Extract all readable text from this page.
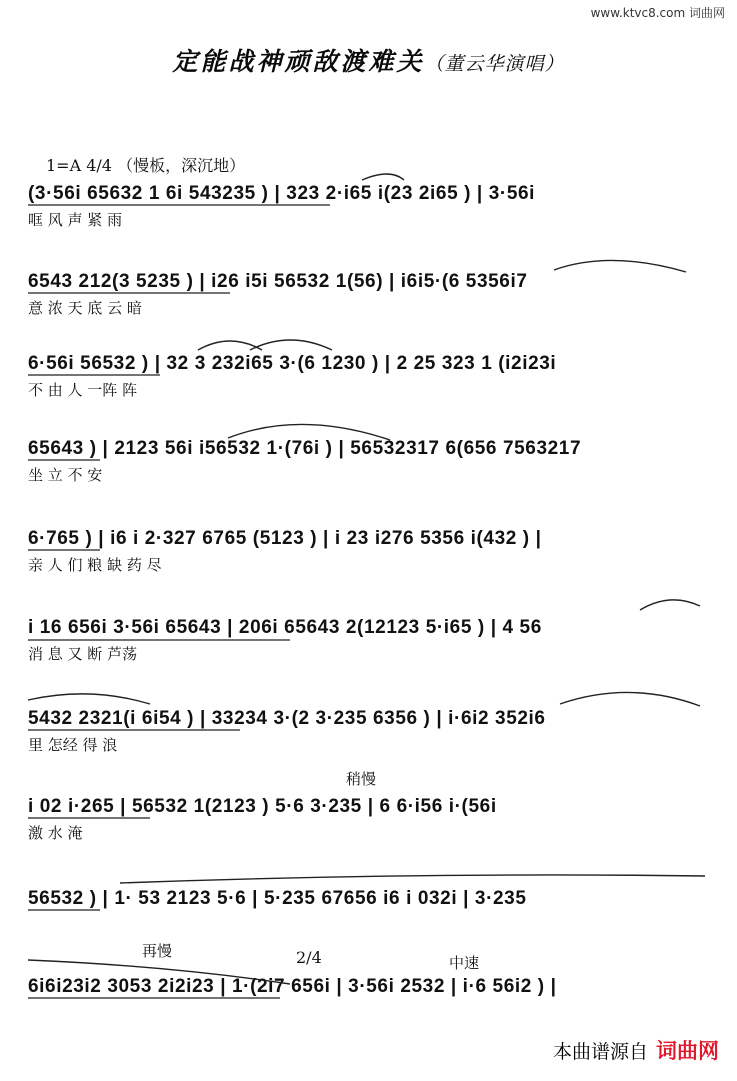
www.ktvc8.com 词曲网
定能战神顽敌渡难关（董云华演唱）
1=A 4/4 （慢板，深沉地）
(3·56i 65632 1 6i 543235 ) | 323 2·i65 i(23 2i65 ) | 3·56i
哐 风 声 紧 雨
6543 212(3 5235 ) | i26 i5i 56532 1(56) | i6i5·(6 5356i7
意 浓 天 底 云 暗
6·56i 56532 ) | 32 3 232i65 3·(6 1230 ) | 2 25 323 1 (i2i23i
不 由 人 一阵 阵
65643 ) | 2123 56i i56532 1·(76i ) | 56532317 6(656 7563217
坐 立 不 安
6·765 ) | i6 i 2·327 6765 (5123 ) | i 23 i276 5356 i(432 ) |
亲 人 们 粮 缺 药 尽
i 16 656i 3·56i 65643 | 206i 65643 2(12123 5·i65 ) | 4 56
消 息 又 断 芦荡
5432 2321(i 6i54 ) | 33234 3·(2 3·235 6356 ) | i·6i2 352i6
里 怎经 得 浪
i 02 i·265 | 56532 1(2123 ) 5·6 3·235 | 6 6·i56 i·(56i
激 水 淹
56532 ) | 1· 53 2123 5·6 | 5·235 67656 i6 i 032i | 3·235
6i6i23i2 3053 2i2i23 | 1·(2i7 656i | 3·56i 2532 | i·6 56i2 ) |
稍慢
再慢	2/4	中速
本曲谱源自 词曲网
